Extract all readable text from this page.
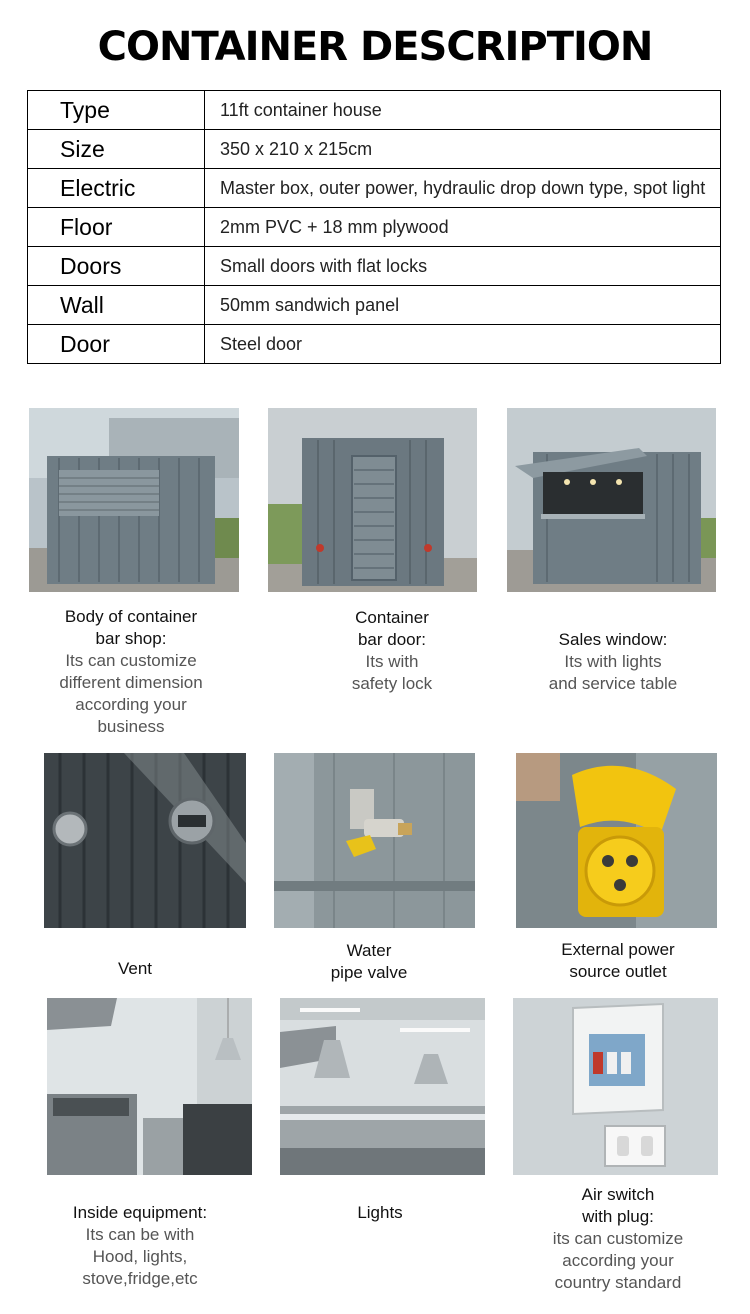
CONTAINER DESCRIPTION
Type	11ft container house
Size	350 x 210 x 215cm
Electric	Master box, outer power, hydraulic drop down type, spot light
Floor	2mm PVC + 18 mm plywood
Doors	Small doors with flat locks
Wall	50mm sandwich panel
Door	Steel door
Body of container
bar shop:
Its can customize
different dimension
according your
business
Container
bar door:
Its with
safety lock
Sales window:
Its with lights
and service table
Vent
Water
pipe valve
External power
source outlet
Inside equipment:
Its can be with
Hood, lights,
stove,fridge,etc
Lights
Air switch
with plug:
its can customize
according your
country standard
